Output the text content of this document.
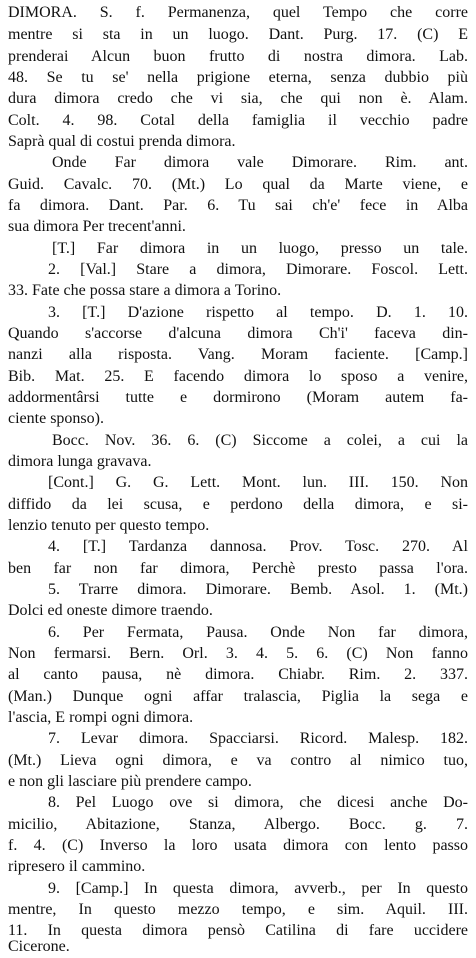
DIMORA. S. f. Permanenza, quel Tempo che corre
mentre si sta in un luogo. Dant. Purg. 17. (C) E
prenderai Alcun buon frutto di nostra dimora. Lab.
48. Se tu se' nella prigione eterna, senza dubbio più
dura dimora credo che vi sia, che qui non è. Alam.
Colt. 4. 98. Cotal della famiglia il vecchio padre
Saprà qual di costui prenda dimora.
Onde Far dimora vale Dimorare. Rim. ant.
Guid. Cavalc. 70. (Mt.) Lo qual da Marte viene, e
fa dimora. Dant. Par. 6. Tu sai ch'e' fece in Alba
sua dimora Per trecent'anni.
[T.] Far dimora in un luogo, presso un tale.
2. [Val.] Stare a dimora, Dimorare. Foscol. Lett.
33. Fate che possa stare a dimora a Torino.
3. [T.] D'azione rispetto al tempo. D. 1. 10.
Quando s'accorse d'alcuna dimora Ch'i' faceva din-
nanzi alla risposta. Vang. Moram faciente. [Camp.]
Bib. Mat. 25. E facendo dimora lo sposo a venire,
addormentârsi tutte e dormirono (Moram autem fa-
ciente sponso).
Bocc. Nov. 36. 6. (C) Siccome a colei, a cui la
dimora lunga gravava.
[Cont.] G. G. Lett. Mont. lun. III. 150. Non
diffido da lei scusa, e perdono della dimora, e si-
lenzio tenuto per questo tempo.
4. [T.] Tardanza dannosa. Prov. Tosc. 270. Al
ben far non far dimora, Perchè presto passa l'ora.
5. Trarre dimora. Dimorare. Bemb. Asol. 1. (Mt.)
Dolci ed oneste dimore traendo.
6. Per Fermata, Pausa. Onde Non far dimora,
Non fermarsi. Bern. Orl. 3. 4. 5. 6. (C) Non fanno
al canto pausa, nè dimora. Chiabr. Rim. 2. 337.
(Man.) Dunque ogni affar tralascia, Piglia la sega e
l'ascia, E rompi ogni dimora.
7. Levar dimora. Spacciarsi. Ricord. Malesp. 182.
(Mt.) Lieva ogni dimora, e va contro al nimico tuo,
e non gli lasciare più prendere campo.
8. Pel Luogo ove si dimora, che dicesi anche Do-
micilio, Abitazione, Stanza, Albergo. Bocc. g. 7.
f. 4. (C) Inverso la loro usata dimora con lento passo
ripresero il cammino.
9. [Camp.] In questa dimora, avverb., per In questo
mentre, In questo mezzo tempo, e sim. Aquil. III.
11. In questa dimora pensò Catilina di fare uccidere
Cicerone.
